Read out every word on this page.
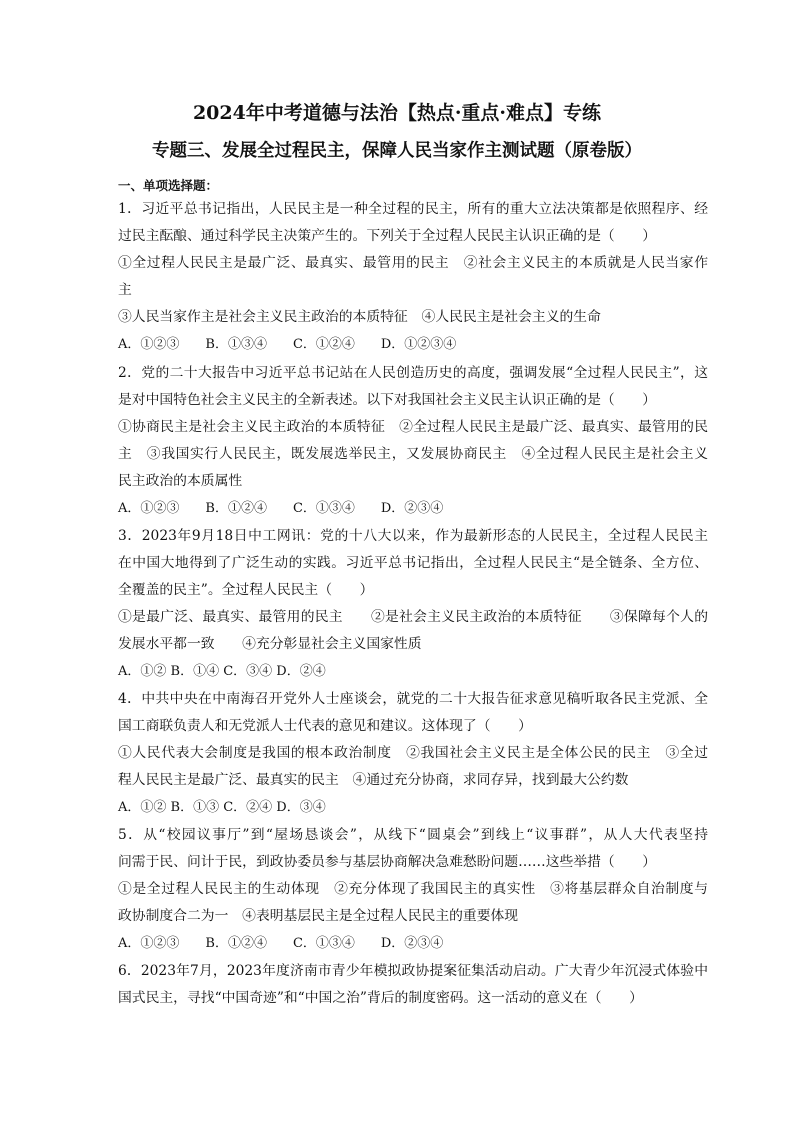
2024年中考道德与法治【热点·重点·难点】专练
专题三、发展全过程民主，保障人民当家作主测试题（原卷版）
一、单项选择题：
1．习近平总书记指出，人民民主是一种全过程的民主，所有的重大立法决策都是依照程序、经
过民主酝酿、通过科学民主决策产生的。下列关于全过程人民民主认识正确的是（　　）
①全过程人民民主是最广泛、最真实、最管用的民主　②社会主义民主的本质就是人民当家作
主
③人民当家作主是社会主义民主政治的本质特征　④人民民主是社会主义的生命
A．①②③　　B．①③④　　C．①②④　　D．①②③④
2．党的二十大报告中习近平总书记站在人民创造历史的高度，强调发展“全过程人民民主”，这
是对中国特色社会主义民主的全新表述。以下对我国社会主义民主认识正确的是（　　）
①协商民主是社会主义民主政治的本质特征　②全过程人民民主是最广泛、最真实、最管用的民
主　③我国实行人民民主，既发展选举民主，又发展协商民主　④全过程人民民主是社会主义
民主政治的本质属性
A．①②③　　B．①②④　　C．①③④　　D．②③④
3．2023年9月18日中工网讯：党的十八大以来，作为最新形态的人民民主，全过程人民民主
在中国大地得到了广泛生动的实践。习近平总书记指出，全过程人民民主“是全链条、全方位、
全覆盖的民主”。全过程人民民主（　　）
①是最广泛、最真实、最管用的民主　　②是社会主义民主政治的本质特征　　③保障每个人的
发展水平都一致　　④充分彰显社会主义国家性质
A．①② B．①④ C．③④ D．②④
4．中共中央在中南海召开党外人士座谈会，就党的二十大报告征求意见稿听取各民主党派、全
国工商联负责人和无党派人士代表的意见和建议。这体现了（　　）
①人民代表大会制度是我国的根本政治制度　②我国社会主义民主是全体公民的民主　③全过
程人民民主是最广泛、最真实的民主　④通过充分协商，求同存异，找到最大公约数
A．①② B．①③ C．②④ D．③④
5．从“校园议事厅”到“屋场恳谈会”，从线下“圆桌会”到线上“议事群”，从人大代表坚持
问需于民、问计于民，到政协委员参与基层协商解决急难愁盼问题……这些举措（　　）
①是全过程人民民主的生动体现　②充分体现了我国民主的真实性　③将基层群众自治制度与
政协制度合二为一　④表明基层民主是全过程人民民主的重要体现
A．①②③　　B．①②④　　C．①③④　　D．②③④
6．2023年7月，2023年度济南市青少年模拟政协提案征集活动启动。广大青少年沉浸式体验中
国式民主，寻找“中国奇迹”和“中国之治”背后的制度密码。这一活动的意义在（　　）
